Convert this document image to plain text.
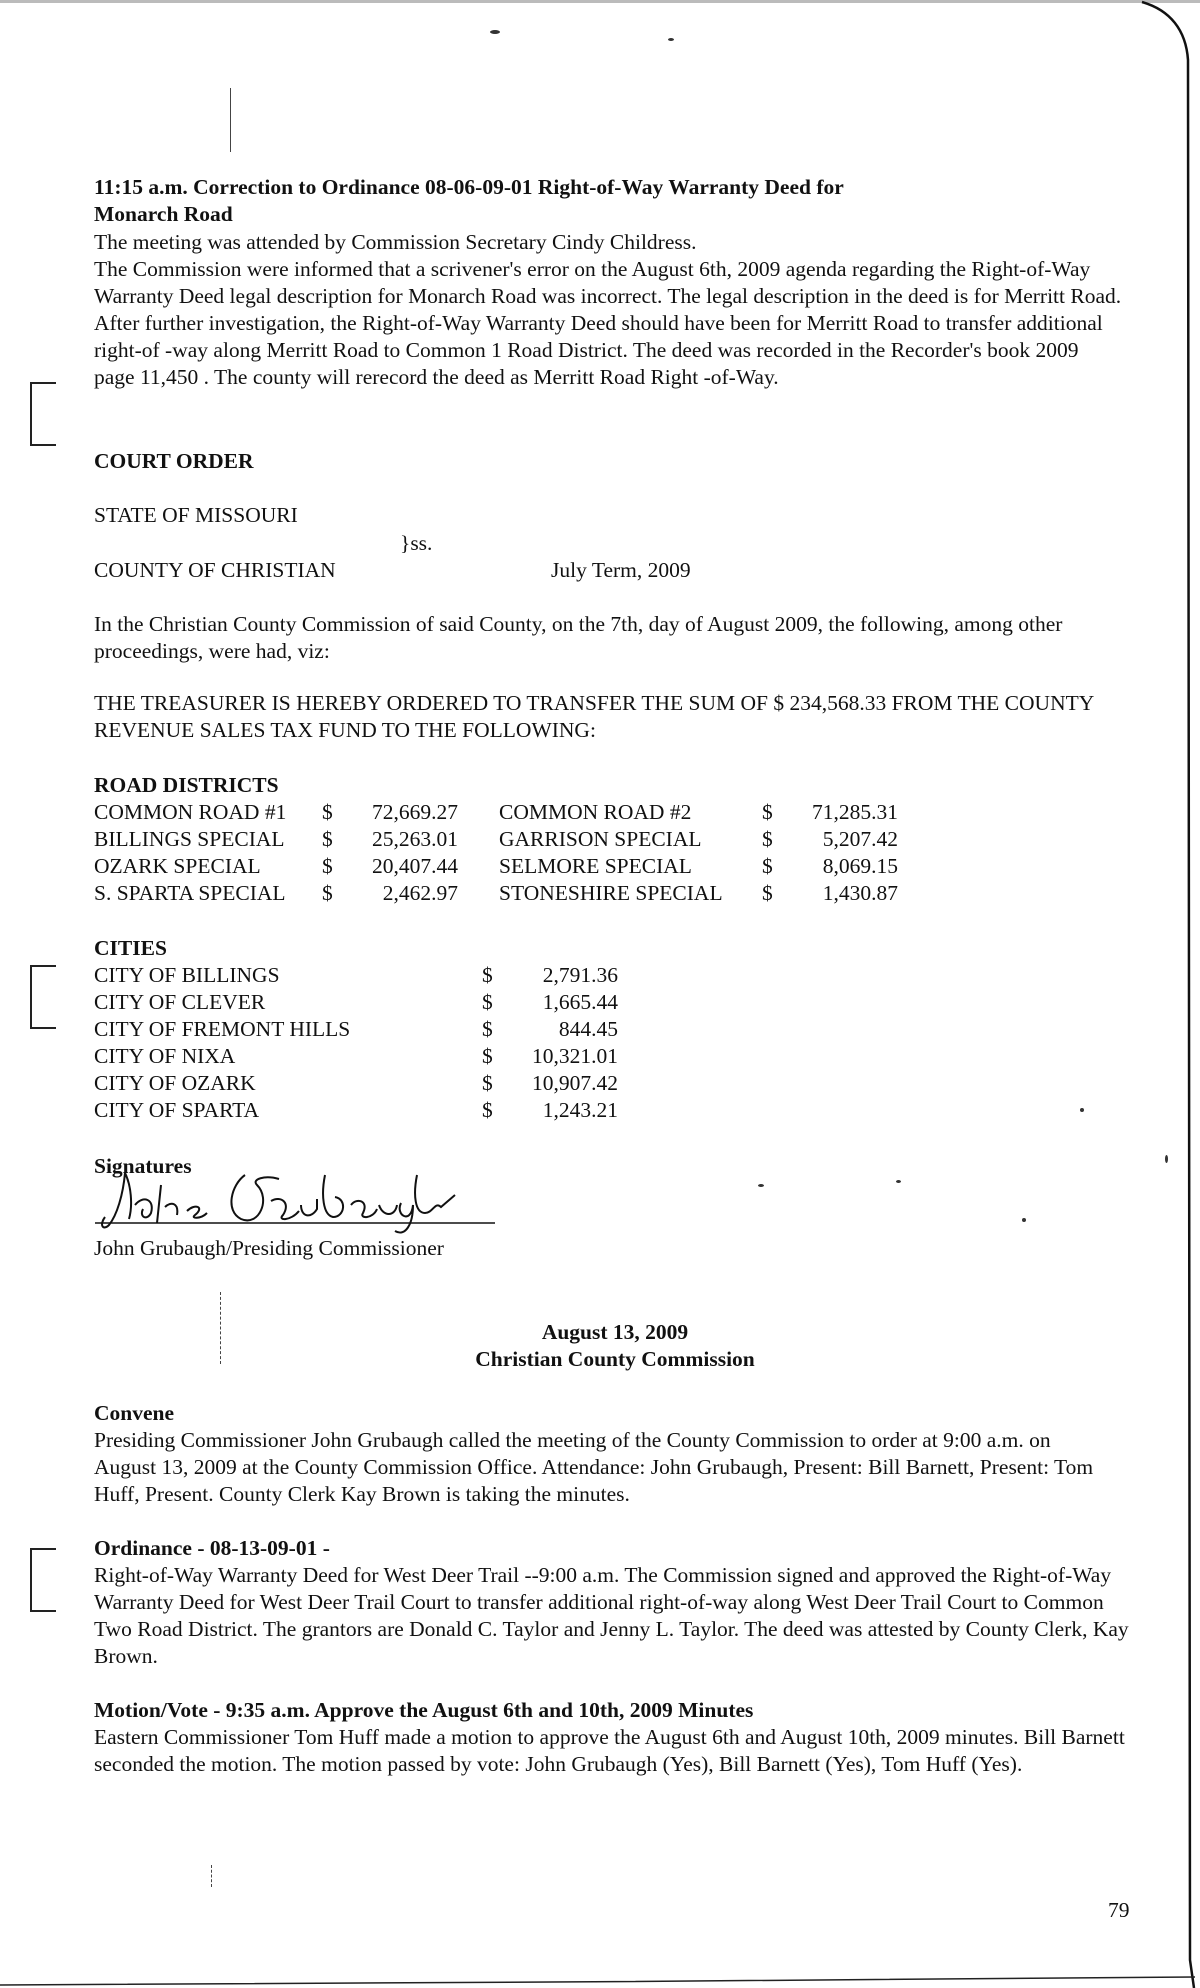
11:15 a.m. Correction to Ordinance 08-06-09-01 Right-of-Way Warranty Deed for
Monarch Road

The meeting was attended by Commission Secretary Cindy Childress.

The Commission were informed that a scrivener's error on the August 6th, 2009 agenda regarding the Right-of-Way Warranty Deed legal description for Monarch Road was incorrect. The legal description in the deed is for Merritt Road. After further investigation, the Right-of-Way Warranty Deed should have been for Merritt Road to transfer additional right-of -way along Merritt Road to Common 1 Road District. The deed was recorded in the Recorder's book 2009 page 11,450 . The county will rerecord the deed as Merritt Road Right -of-Way.

COURT ORDER
STATE OF MISSOURI
}ss.
COUNTY OF CHRISTIAN	July Term, 2009
In the Christian County Commission of said County, on the 7th, day of August 2009, the following, among other proceedings, were had, viz:
THE TREASURER IS HEREBY ORDERED TO TRANSFER THE SUM OF $ 234,568.33 FROM THE COUNTY REVENUE SALES TAX FUND TO THE FOLLOWING:
ROAD DISTRICTS
COMMON ROAD #1 $	72,669.27 COMMON ROAD #2	$	71,285.31
BILLINGS SPECIAL $	25,263.01 GARRISON SPECIAL	$	5,207.42
OZARK SPECIAL	$	20,407.44 SELMORE SPECIAL	$	8,069.15
S. SPARTA SPECIAL $	2,462.97 STONESHIRE SPECIAL $	1,430.87
CITIES
CITY OF BILLINGS	$	2,791.36
CITY OF CLEVER	$	1,665.44
CITY OF FREMONT HILLS	$	844.45
CITY OF NIXA	$	10,321.01
CITY OF OZARK	$	10,907.42
CITY OF SPARTA	$	1,243.21
Signatures
John Grubaugh/Presiding Commissioner
August 13, 2009
Christian County Commission
Convene
Presiding Commissioner John Grubaugh called the meeting of the County Commission to order at 9:00 a.m. on August 13, 2009 at the County Commission Office. Attendance: John Grubaugh, Present: Bill Barnett, Present: Tom Huff, Present. County Clerk Kay Brown is taking the minutes.
Ordinance - 08-13-09-01 -
Right-of-Way Warranty Deed for West Deer Trail --9:00 a.m. The Commission signed and approved the Right-of-Way Warranty Deed for West Deer Trail Court to transfer additional right-of-way along West Deer Trail Court to Common Two Road District. The grantors are Donald C. Taylor and Jenny L. Taylor. The deed was attested by County Clerk, Kay Brown.
Motion/Vote - 9:35 a.m. Approve the August 6th and 10th, 2009 Minutes
Eastern Commissioner Tom Huff made a motion to approve the August 6th and August 10th, 2009 minutes. Bill Barnett seconded the motion. The motion passed by vote: John Grubaugh (Yes), Bill Barnett (Yes), Tom Huff (Yes).
79
